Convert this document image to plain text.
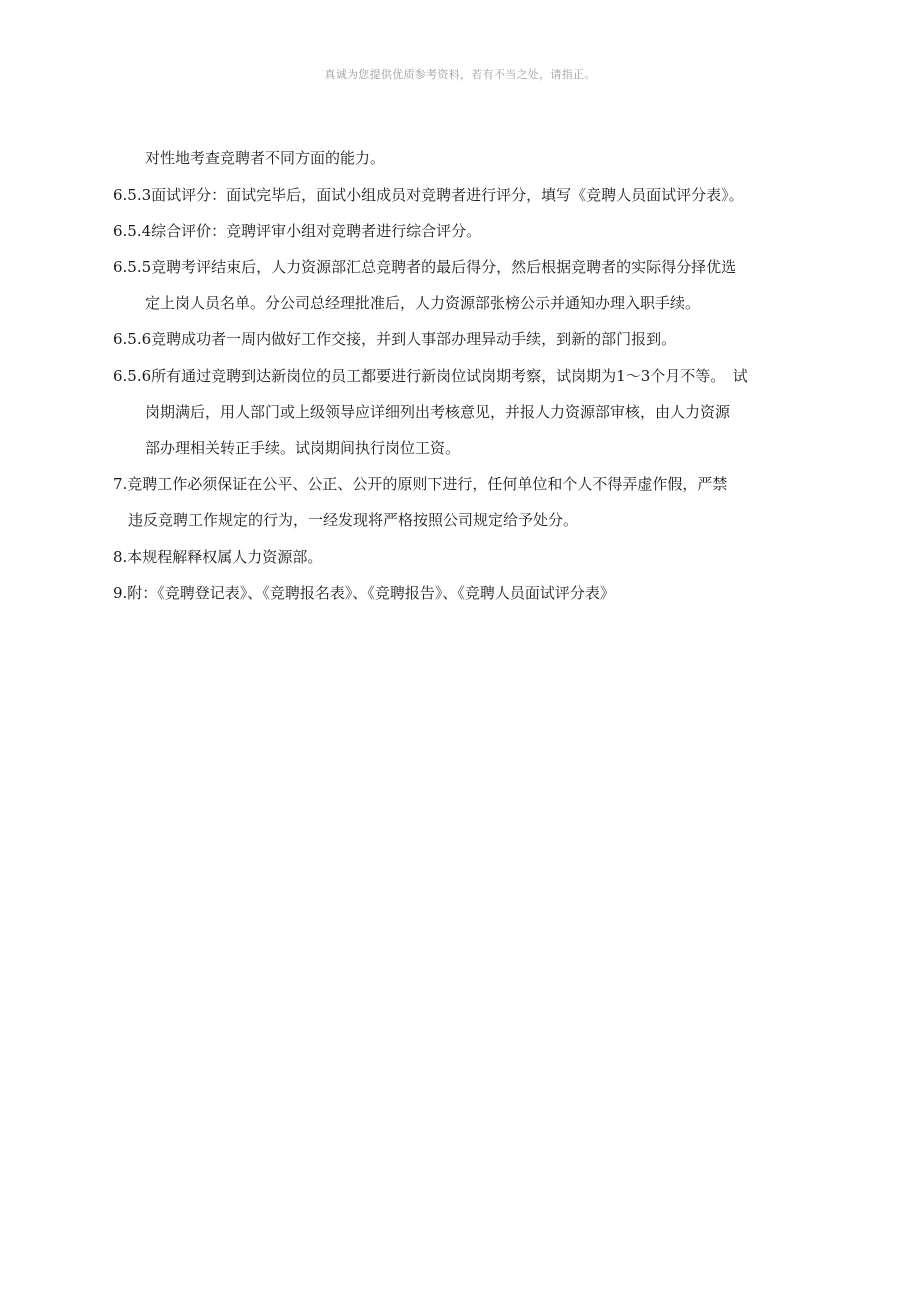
真诚为您提供优质参考资料，若有不当之处，请指正。
对性地考查竞聘者不同方面的能力。
6.5.3面试评分：面试完毕后，面试小组成员对竞聘者进行评分，填写《竞聘人员面试评分表》。
6.5.4综合评价：竞聘评审小组对竞聘者进行综合评分。
6.5.5竞聘考评结束后，人力资源部汇总竞聘者的最后得分，然后根据竞聘者的实际得分择优选
定上岗人员名单。分公司总经理批准后，人力资源部张榜公示并通知办理入职手续。
6.5.6竞聘成功者一周内做好工作交接，并到人事部办理异动手续，到新的部门报到。
6.5.6所有通过竞聘到达新岗位的员工都要进行新岗位试岗期考察，试岗期为1～3个月不等。　试
岗期满后，用人部门或上级领导应详细列出考核意见，并报人力资源部审核，由人力资源
部办理相关转正手续。试岗期间执行岗位工资。
7.竞聘工作必须保证在公平、公正、公开的原则下进行，任何单位和个人不得弄虚作假，严禁
违反竞聘工作规定的行为，一经发现将严格按照公司规定给予处分。
8.本规程解释权属人力资源部。
9.附：《竞聘登记表》、《竞聘报名表》、《竞聘报告》、《竞聘人员面试评分表》
